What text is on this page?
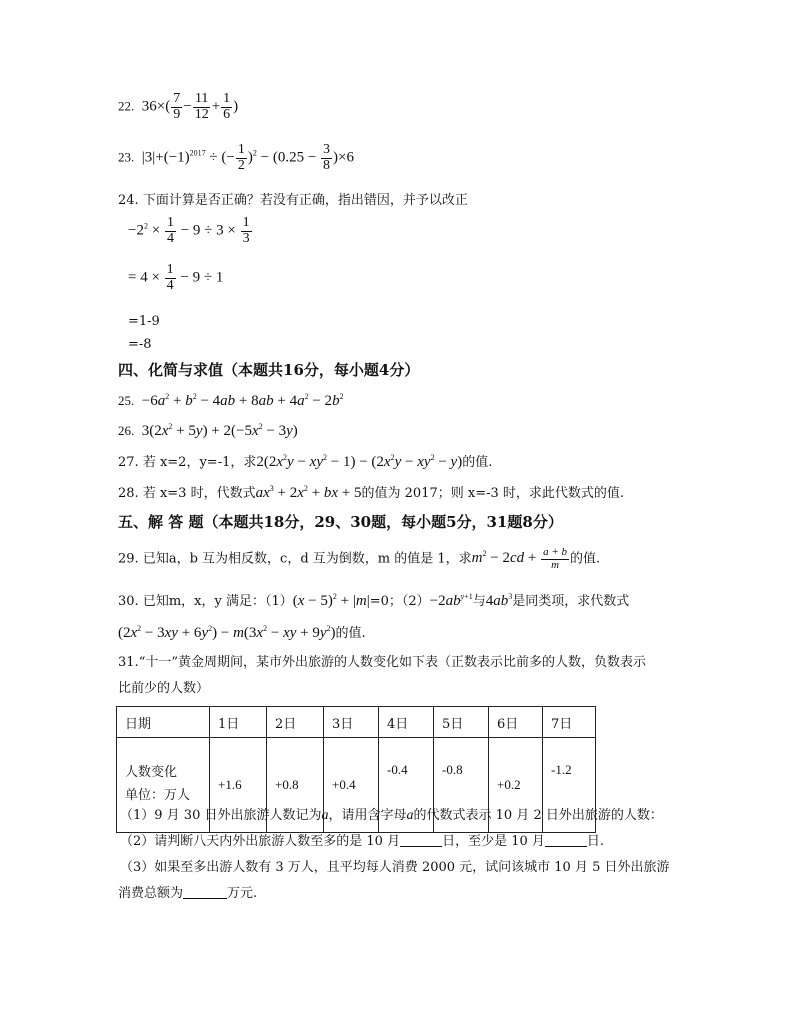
22.  $36\times( \frac{7}{9} - \frac{11}{12} + \frac{1}{6}$ )
23.  $|3|+(-1)^{2017}$ ÷ (− $\frac{1}{2} )^2 - (0.25 - \frac{3}{8} )\times 6$
24. 下面计算是否正确？若没有正确，指出错因，并予以改正
$-2^2 \times \frac{1}{4} - 9 \div 3 \times \frac{1}{3}$
= $4 \times \frac{1}{4} - 9 \div 1$
=1-9
=-8
四、化简与求值（本题共16分，每小题4分）
25.  $-6a^2 + b^2 - 4ab + 8ab + 4a^2 - 2b^2$
26.  $3(2x^2 + 5y) + 2(-5x^2 - 3y)$
27. 若 x=2，y=-1，求$2(2x^2y - xy^2 - 1) - (2x^2y - xy^2 - y)$的值.
28. 若 x=3 时，代数式$ax^3 + 2x^2$ + bx + 5的值为 2017；则 x=-3 时，求此代数式的值.
五、解 答 题（本题共18分，29、30题，每小题5分，31题8分）
29. 已知a，b 互为相反数，c，d 互为倒数，m 的值是 1，求$m^2 - 2cd + \frac{a + b}{m}$ 的值.
30. 已知m，x，y 满足：$(1)(x - 5)^2 + |m|=0$；$(2)-2ab^{y+1}$与$4ab^3$是同类项，求代数式
$(2x^2 - 3xy + 6y^2) - m(3x^2$ − xy + $9y^2$)的值.
31.“十一”黄金周期间，某市外出旅游的人数变化如下表（正数表示比前多的人数，负数表示
比前少的人数）
日期	1日	2日	3日	4日	5日	6日	7日
人数变化
单位：万人	+1.6	+0.8	+0.4	-0.4	-0.8	+0.2	-1.2
（1）9 月 30 日外出旅游人数记为a，请用含字母a的代数式表示 10 月 2 日外出旅游的人数：
（2）请判断八天内外出旅游人数至多的是 10 月	日，至少是 10 月	日.
（3）如果至多出游人数有 3 万人，且平均每人消费 2000 元，试问该城市 10 月 5 日外出旅游
消费总额为	万元.
